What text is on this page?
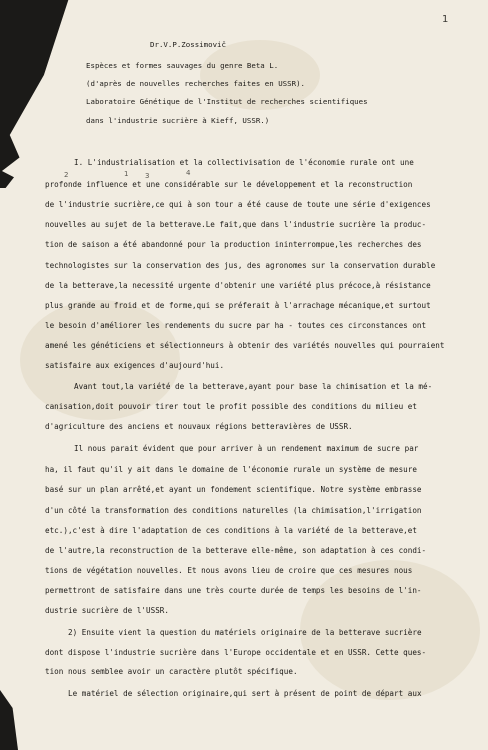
1
Dr.V.P.Zossimovič
Espèces et formes sauvages du genre Beta L.
(d'après de nouvelles recherches faites en USSR).
Laboratoire Génétique de l'Institut de recherches scientifiques
dans l'industrie sucrière à Kieff, USSR.)
2	1 3	4
I. L'industrialisation et la collectivisation de l'économie rurale ont une
profonde influence et une considérable sur le développement et la reconstruction
de l'industrie sucrière,ce qui à son tour a été cause de toute une série d'exigences
nouvelles au sujet de la betterave.Le fait,que dans l'industrie sucrière la produc-
tion de saison a été abandonné pour la production ininterrompue,les recherches des
technologistes sur la conservation des jus, des agronomes sur la conservation durable
de la betterave,la necessité urgente d'obtenir une variété plus précoce,à résistance
plus grande au froid et de forme,qui se préferait à l'arrachage mécanique,et surtout
le besoin d'améliorer les rendements du sucre par ha - toutes ces circonstances ont
amené les généticiens et sélectionneurs à obtenir des variétés nouvelles qui pourraient
satisfaire aux exigences d'aujourd'hui.
Avant tout,la variété de la betterave,ayant pour base la chimisation et la mé-
canisation,doit pouvoir tirer tout le profit possible des conditions du milieu et
d'agriculture des anciens et nouvaux régions betteravières de USSR.
Il nous parait évident que pour arriver à un rendement maximum de sucre par
ha, il faut qu'il y ait dans le domaine de l'économie rurale un système de mesure
basé sur un plan arrêté,et ayant un fondement scientifique. Notre système embrasse
d'un côté la transformation des conditions naturelles (la chimisation,l'irrigation
etc.),c'est à dire l'adaptation de ces conditions à la variété de la betterave,et
de l'autre,la reconstruction de la betterave elle-même, son adaptation à ces condi-
tions de végétation nouvelles. Et nous avons lieu de croire que ces mesures nous
permettront de satisfaire dans une très courte durée de temps les besoins de l'in-
dustrie sucrière de l'USSR.
2) Ensuite vient la question du matériels originaire de la betterave sucrière
dont dispose l'industrie sucrière dans l'Europe occidentale et en USSR. Cette ques-
tion nous semblee avoir un caractère plutôt spécifique.
Le matériel de sélection originaire,qui sert à présent de point de départ aux
